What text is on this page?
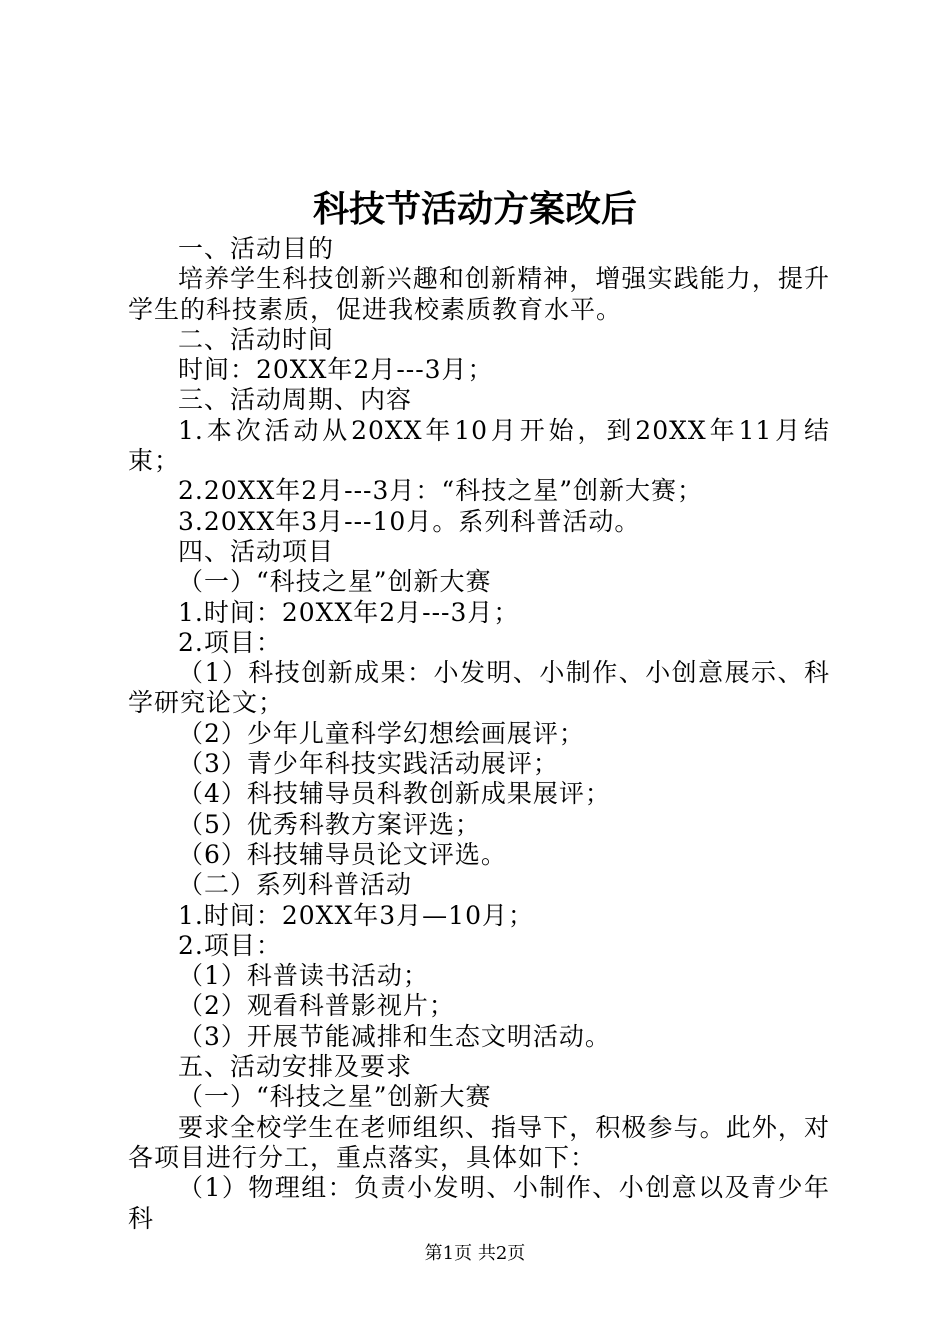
科技节活动方案改后

一、活动目的

培养学生科技创新兴趣和创新精神，增强实践能力，提升学生的科技素质，促进我校素质教育水平。

二、活动时间

时间：20XX年2月---3月；

三、活动周期、内容

1.本次活动从20XX年10月开始，到20XX年11月结束；

2.20XX年2月---3月：“科技之星”创新大赛；

3.20XX年3月---10月。系列科普活动。

四、活动项目

（一）“科技之星”创新大赛

1.时间：20XX年2月---3月；

2.项目：

（1）科技创新成果：小发明、小制作、小创意展示、科学研究论文；

（2）少年儿童科学幻想绘画展评；

（3）青少年科技实践活动展评；

（4）科技辅导员科教创新成果展评；

（5）优秀科教方案评选；

（6）科技辅导员论文评选。

（二）系列科普活动

1.时间：20XX年3月—10月；

2.项目：

（1）科普读书活动；

（2）观看科普影视片；

（3）开展节能减排和生态文明活动。

五、活动安排及要求

（一）“科技之星”创新大赛

要求全校学生在老师组织、指导下，积极参与。此外，对各项目进行分工，重点落实，具体如下：

（1）物理组：负责小发明、小制作、小创意以及青少年科

第1页 共2页
